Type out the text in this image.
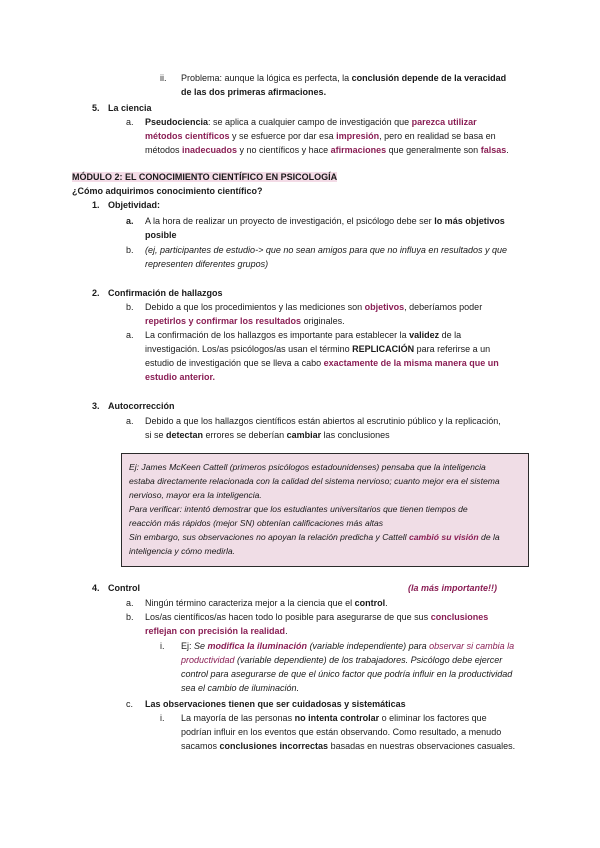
ii. Problema: aunque la lógica es perfecta, la conclusión depende de la veracidad
de las dos primeras afirmaciones.
5. La ciencia
a. Pseudociencia: se aplica a cualquier campo de investigación que parezca utilizar
métodos científicos y se esfuerce por dar esa impresión, pero en realidad se basa en
métodos inadecuados y no científicos y hace afirmaciones que generalmente son falsas.
MÓDULO 2: EL CONOCIMIENTO CIENTÍFICO EN PSICOLOGÍA
¿Cómo adquirimos conocimiento científico?
1. Objetividad:
a. A la hora de realizar un proyecto de investigación, el psicólogo debe ser lo más objetivos
posible
b. (ej, participantes de estudio-> que no sean amigos para que no influya en resultados y que
representen diferentes grupos)
2. Confirmación de hallazgos
b. Debido a que los procedimientos y las mediciones son objetivos, deberíamos poder
repetirlos y confirmar los resultados originales.
a. La confirmación de los hallazgos es importante para establecer la validez de la
investigación. Los/as psicólogos/as usan el término REPLICACIÓN para referirse a un
estudio de investigación que se lleva a cabo exactamente de la misma manera que un
estudio anterior.
3. Autocorrección
a. Debido a que los hallazgos científicos están abiertos al escrutinio público y la replicación,
si se detectan errores se deberían cambiar las conclusiones
Ej: James McKeen Cattell (primeros psicólogos estadounidenses) pensaba que la inteligencia
estaba directamente relacionada con la calidad del sistema nervioso; cuanto mejor era el sistema
nervioso, mayor era la inteligencia.
Para verificar: intentó demostrar que los estudiantes universitarios que tienen tiempos de
reacción más rápidos (mejor SN) obtenían calificaciones más altas
Sin embargo, sus observaciones no apoyan la relación predicha y Cattell cambió su visión de la
inteligencia y cómo medirla.
4. Control	(la más importante!!)
a. Ningún término caracteriza mejor a la ciencia que el control.
b. Los/as científicos/as hacen todo lo posible para asegurarse de que sus conclusiones
reflejan con precisión la realidad.
i. Ej: Se modifica la iluminación (variable independiente) para observar si cambia la
productividad (variable dependiente) de los trabajadores. Psicólogo debe ejercer
control para asegurarse de que el único factor que podría influir en la productividad
sea el cambio de iluminación.
c. Las observaciones tienen que ser cuidadosas y sistemáticas
i. La mayoría de las personas no intenta controlar o eliminar los factores que
podrían influir en los eventos que están observando. Como resultado, a menudo
sacamos conclusiones incorrectas basadas en nuestras observaciones casuales.
